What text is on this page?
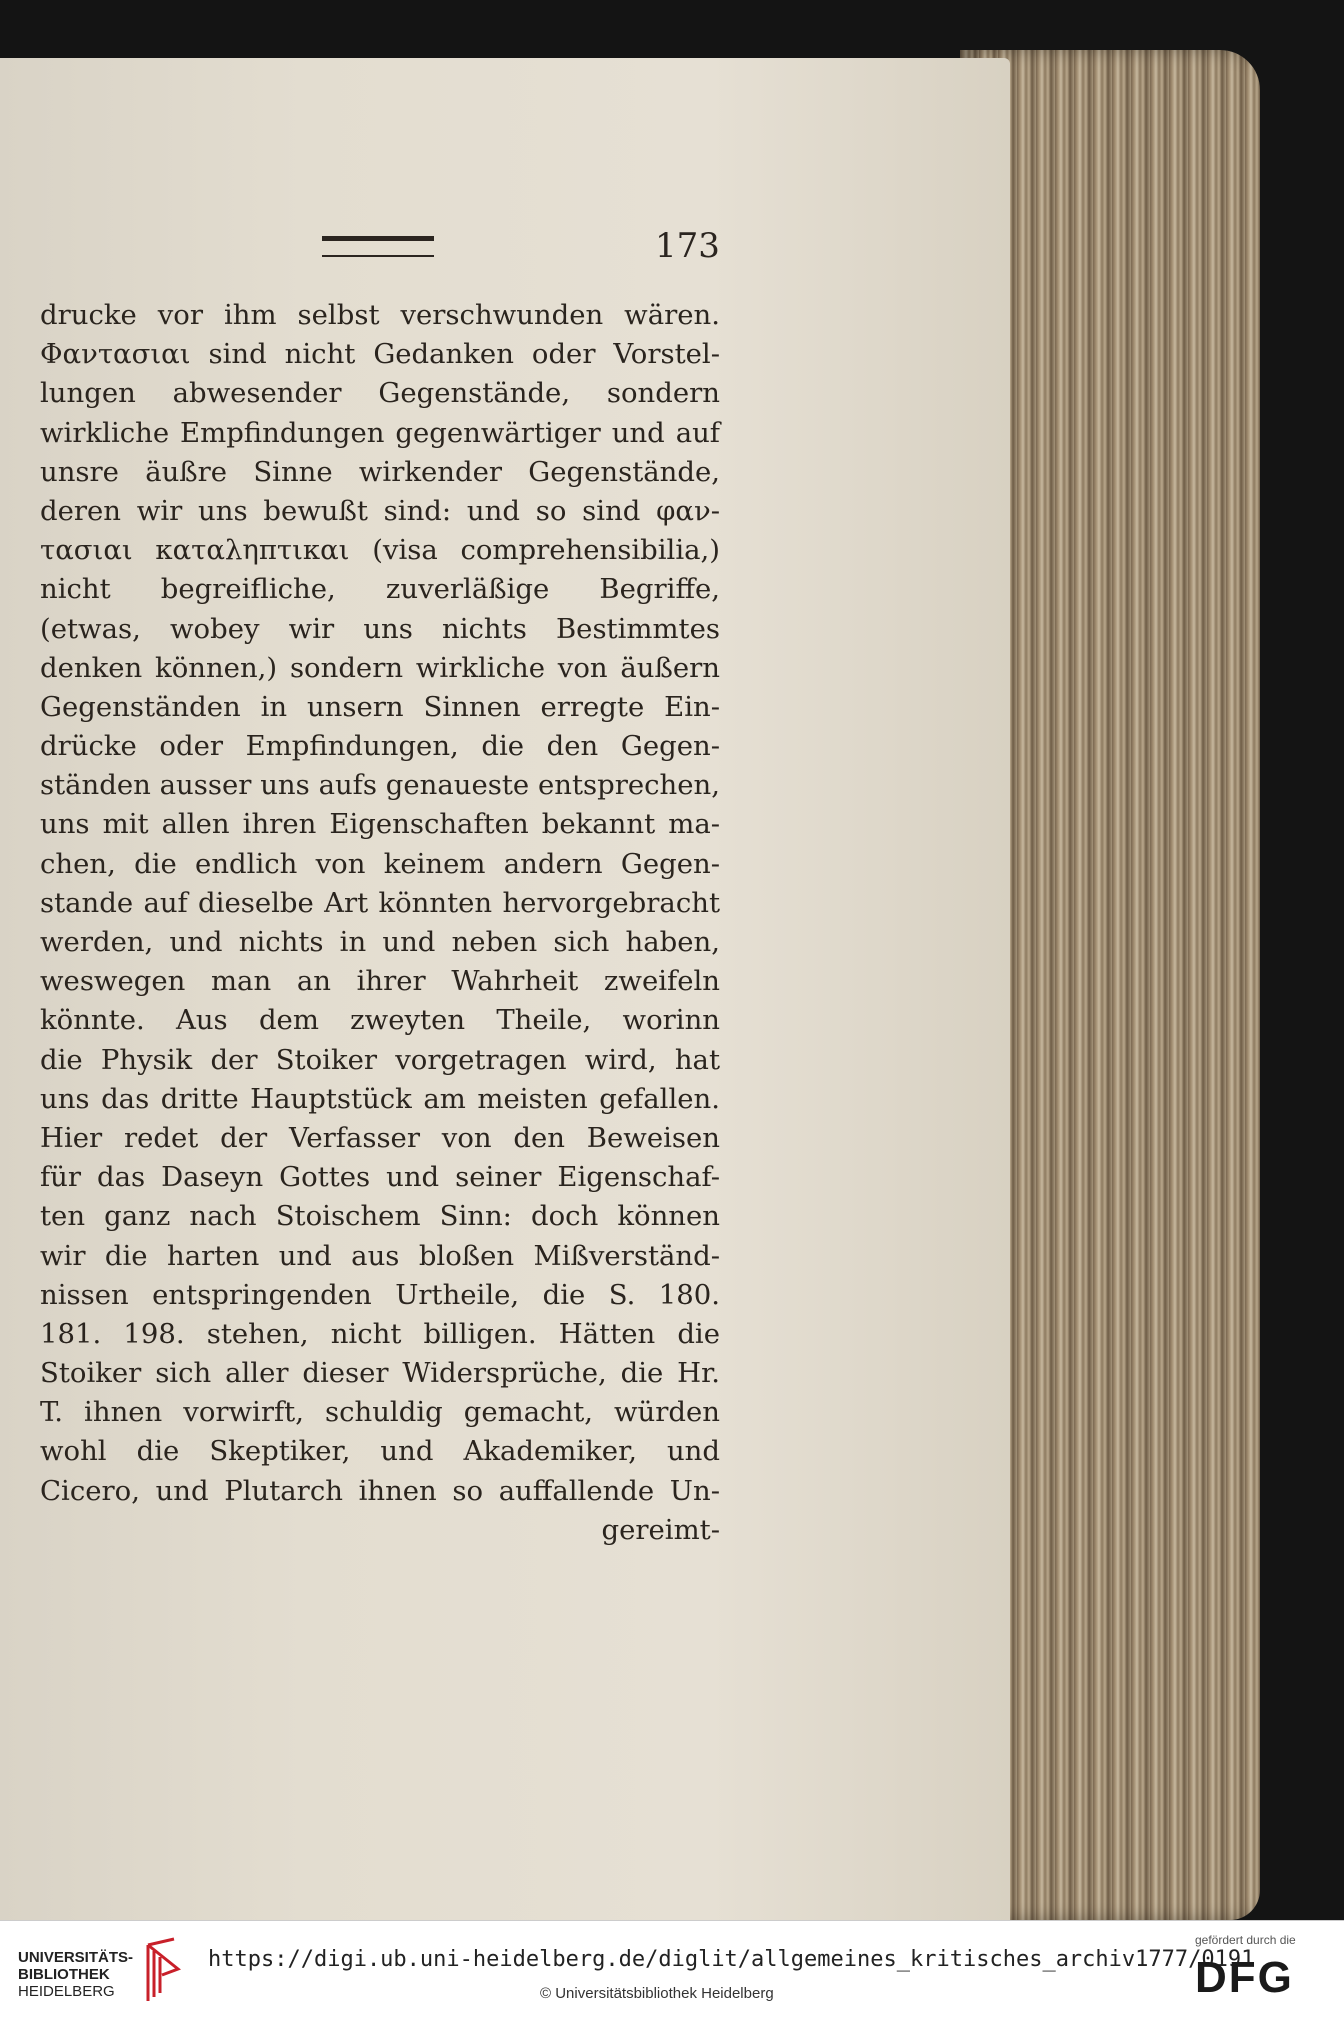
173
drucke vor ihm selbst verschwunden wären.
Φαντασιαι sind nicht Gedanken oder Vorstel-
lungen abwesender Gegenstände, sondern
wirkliche Empfindungen gegenwärtiger und auf
unsre äußre Sinne wirkender Gegenstände,
deren wir uns bewußt sind: und so sind φαν-
τασιαι καταληπτικαι (visa comprehensibilia,)
nicht begreifliche, zuverläßige Begriffe,
(etwas, wobey wir uns nichts Bestimmtes
denken können,) sondern wirkliche von äußern
Gegenständen in unsern Sinnen erregte Ein-
drücke oder Empfindungen, die den Gegen-
ständen ausser uns aufs genaueste entsprechen,
uns mit allen ihren Eigenschaften bekannt ma-
chen, die endlich von keinem andern Gegen-
stande auf dieselbe Art könnten hervorgebracht
werden, und nichts in und neben sich haben,
weswegen man an ihrer Wahrheit zweifeln
könnte. Aus dem zweyten Theile, worinn
die Physik der Stoiker vorgetragen wird, hat
uns das dritte Hauptstück am meisten gefallen.
Hier redet der Verfasser von den Beweisen
für das Daseyn Gottes und seiner Eigenschaf-
ten ganz nach Stoischem Sinn: doch können
wir die harten und aus bloßen Mißverständ-
nissen entspringenden Urtheile, die S. 180.
181. 198. stehen, nicht billigen. Hätten die
Stoiker sich aller dieser Widersprüche, die Hr.
T. ihnen vorwirft, schuldig gemacht, würden
wohl die Skeptiker, und Akademiker, und
Cicero, und Plutarch ihnen so auffallende Un-
gereimt-
UNIVERSITÄTS-
BIBLIOTHEK
HEIDELBERG
https://digi.ub.uni-heidelberg.de/diglit/allgemeines_kritisches_archiv1777/0191
© Universitätsbibliothek Heidelberg
gefördert durch die
DFG
